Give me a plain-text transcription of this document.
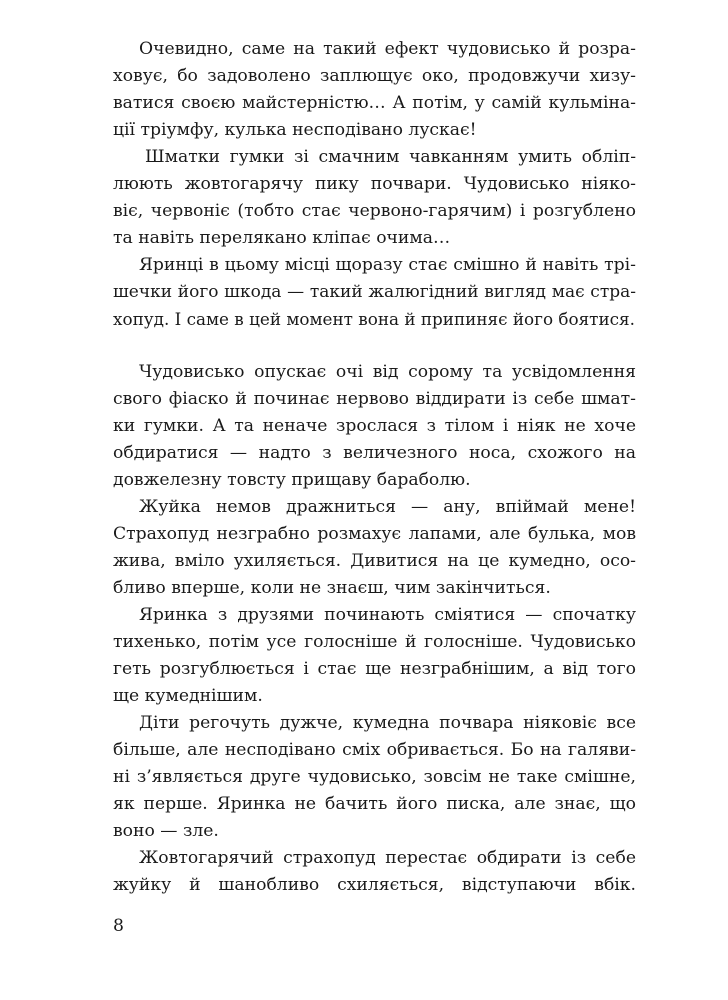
Очевидно, саме на такий ефект чудовисько й розра-
ховує, бо задоволено заплющує око, продовжучи хизу-
ватися своєю майстерністю… А потім, у самій кульміна-
ції тріумфу, кулька несподівано лускає!
Шматки гумки зі смачним чавканням умить обліп-
люють жовтогарячу пику почвари. Чудовисько ніяко-
віє, червоніє (тобто стає червоно-гарячим) і розгублено
та навіть перелякано кліпає очима…
Яринці в цьому місці щоразу стає смішно й навіть трі-
шечки його шкода — такий жалюгідний вигляд має стра-
хопуд. І саме в цей момент вона й припиняє його боятися.
Чудовисько опускає очі від сорому та усвідомлення
свого фіаско й починає нервово віддирати із себе шмат-
ки гумки. А та неначе зрослася з тілом і ніяк не хоче
обдиратися — надто з величезного носа, схожого на
довжелезну товсту прищаву бараболю.
Жуйка немов дражниться — ану, впіймай мене!
Страхопуд незграбно розмахує лапами, але булька, мов
жива, вміло ухиляється. Дивитися на це кумедно, осо-
бливо вперше, коли не знаєш, чим закінчиться.
Яринка з друзями починають сміятися — спочатку
тихенько, потім усе голосніше й голосніше. Чудовисько
геть розгублюється і стає ще незграбнішим, а від того
ще кумеднішим.
Діти регочуть дужче, кумедна почвара ніяковіє все
більше, але несподівано сміх обривається. Бо на галяви-
ні з’являється друге чудовисько, зовсім не таке смішне,
як перше. Яринка не бачить його писка, але знає, що
воно — зле.
Жовтогарячий страхопуд перестає обдирати із себе
жуйку й шанобливо схиляється, відступаючи вбік.
8
